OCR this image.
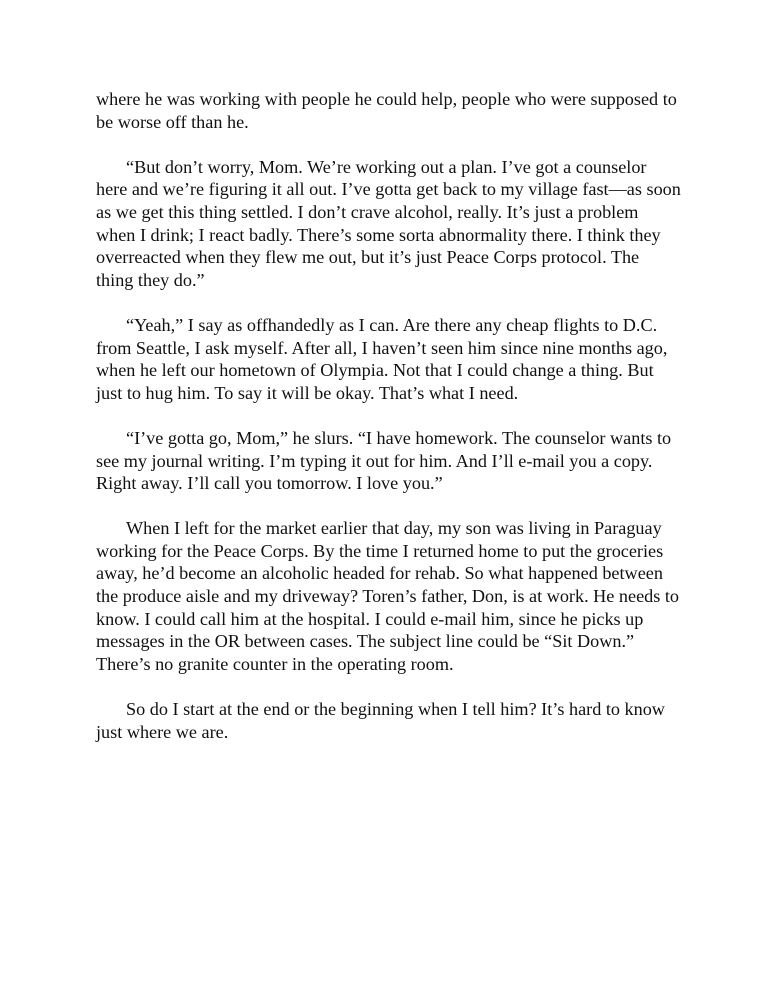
where he was working with people he could help, people who were supposed to be worse off than he.

“But don’t worry, Mom. We’re working out a plan. I’ve got a counselor here and we’re figuring it all out. I’ve gotta get back to my village fast—as soon as we get this thing settled. I don’t crave alcohol, really. It’s just a problem when I drink; I react badly. There’s some sorta abnormality there. I think they overreacted when they flew me out, but it’s just Peace Corps protocol. The thing they do.”

“Yeah,” I say as offhandedly as I can. Are there any cheap flights to D.C. from Seattle, I ask myself. After all, I haven’t seen him since nine months ago, when he left our hometown of Olympia. Not that I could change a thing. But just to hug him. To say it will be okay. That’s what I need.

“I’ve gotta go, Mom,” he slurs. “I have homework. The counselor wants to see my journal writing. I’m typing it out for him. And I’ll e-mail you a copy. Right away. I’ll call you tomorrow. I love you.”

When I left for the market earlier that day, my son was living in Paraguay working for the Peace Corps. By the time I returned home to put the groceries away, he’d become an alcoholic headed for rehab. So what happened between the produce aisle and my driveway? Toren’s father, Don, is at work. He needs to know. I could call him at the hospital. I could e-mail him, since he picks up messages in the OR between cases. The subject line could be “Sit Down.” There’s no granite counter in the operating room.

So do I start at the end or the beginning when I tell him? It’s hard to know just where we are.
